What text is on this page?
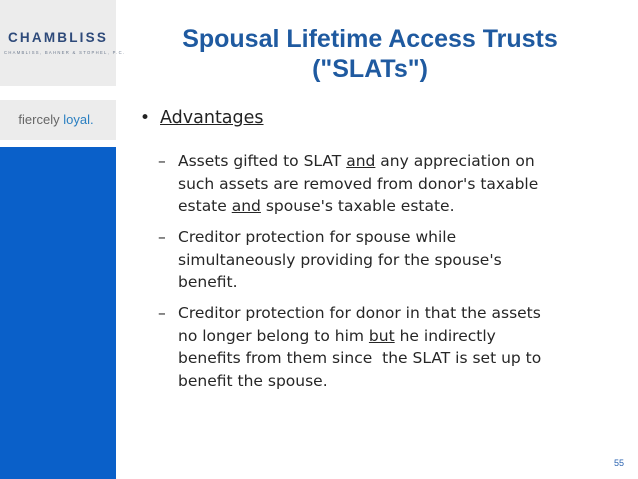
CHAMBLISS
CHAMBLISS, BAHNER & STOPHEL, P.C.
fiercely loyal.
Spousal Lifetime Access Trusts
("SLATs")
• Advantages
– Assets gifted to SLAT and any appreciation on
such assets are removed from donor's taxable
estate and spouse's taxable estate.
– Creditor protection for spouse while
simultaneously providing for the spouse's
benefit.
– Creditor protection for donor in that the assets
no longer belong to him but he indirectly
benefits from them since  the SLAT is set up to
benefit the spouse.
55
